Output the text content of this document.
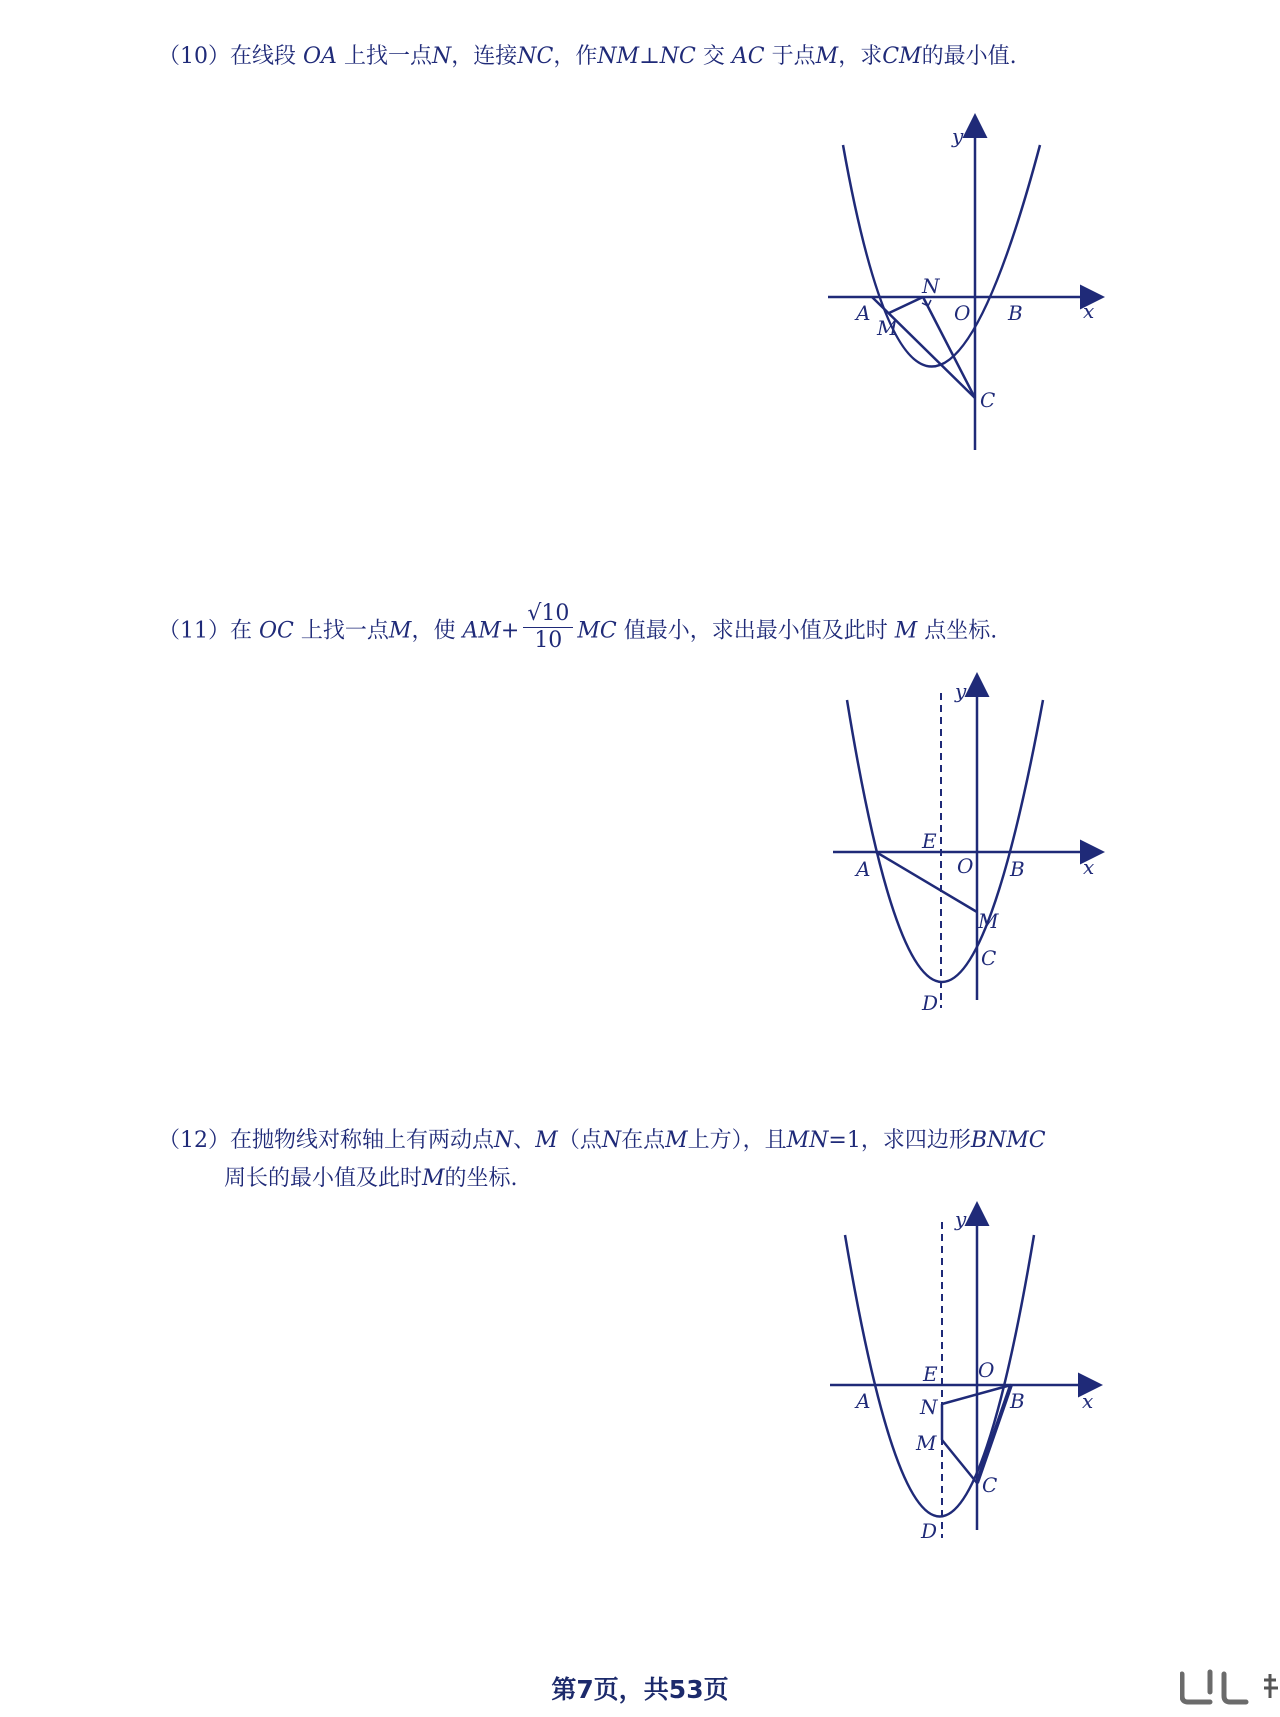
（10）在线段 OA 上找一点N，连接NC，作NM⊥NC 交 AC 于点M，求CM的最小值.
y
x
N
O
A	B
M
C
（11）在 OC 上找一点M，使 $AM+ \frac{√10}{10}$ MC 值最小，求出最小值及此时 M 点坐标.
y
x
E
O
A	B
M
C
D
（12）在抛物线对称轴上有两动点N、M（点N在点M上方），且MN=1，求四边形BNMC
周长的最小值及此时M的坐标.
y
x
E O
A	B
N
M
C
D
第7页，共53页
